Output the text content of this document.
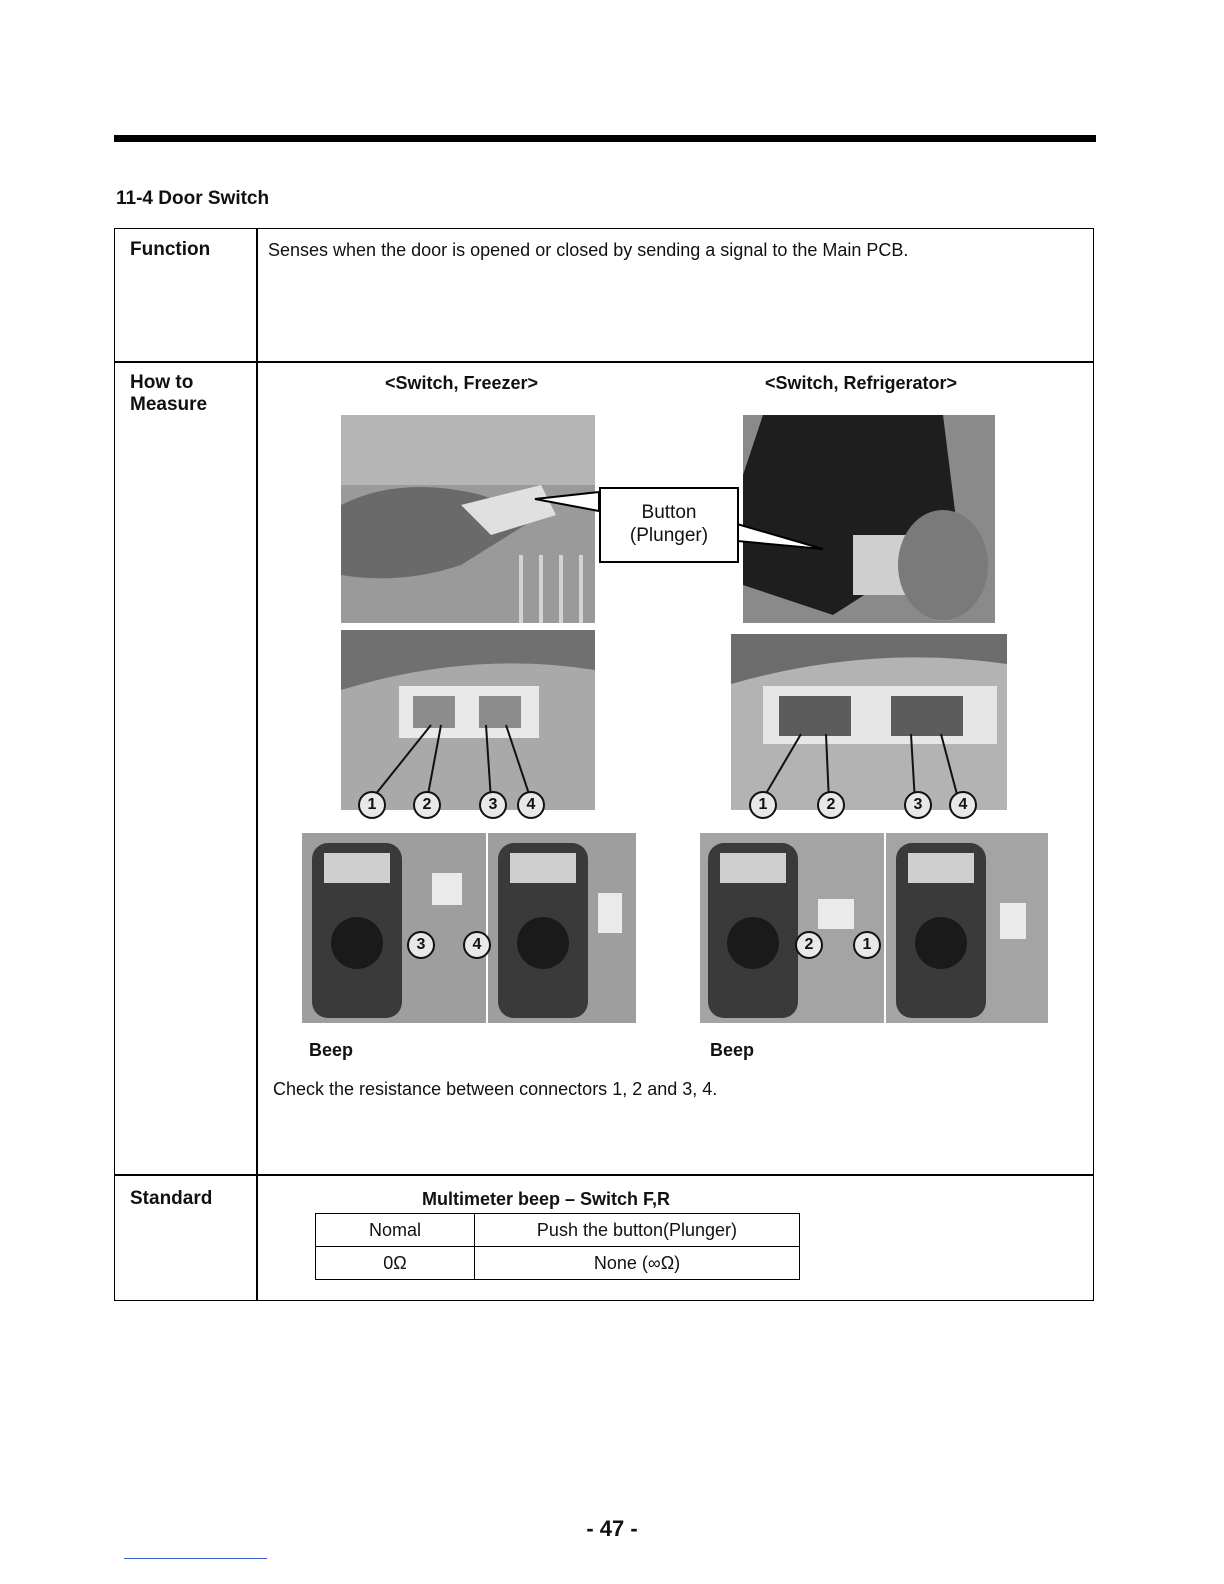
11-4 Door Switch
Function	Senses when the door is opened or closed by sending a signal to the Main PCB.
How to
Measure
<Switch, Freezer>	<Switch, Refrigerator>
Button
(Plunger)
1	2	3	4	1	2	3	4
3	4	2	1
Beep	Beep
Check the resistance between connectors 1, 2 and 3, 4.
Standard	Multimeter beep – Switch F,R
Nomal	Push the button(Plunger)
0Ω	None (∞Ω)
- 47 -
